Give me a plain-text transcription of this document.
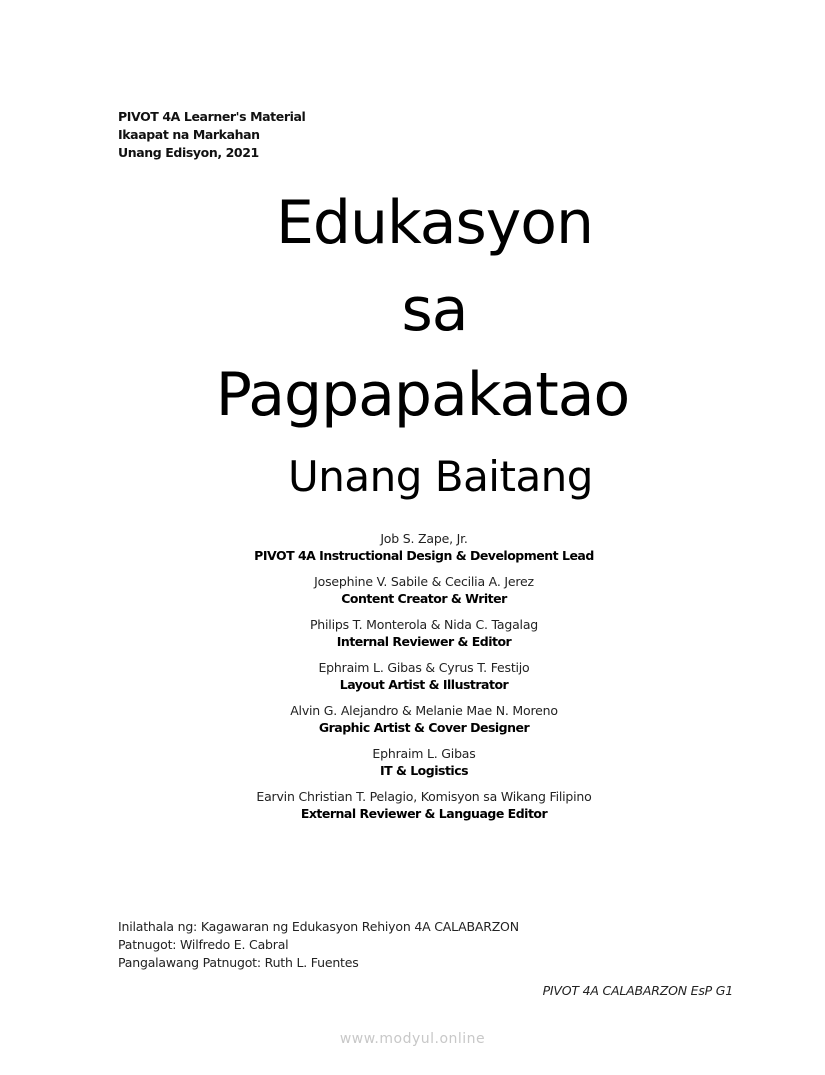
PIVOT 4A Learner's Material
Ikaapat na Markahan
Unang Edisyon, 2021
Edukasyon
sa
Pagpapakatao
Unang Baitang
Job S. Zape, Jr.
PIVOT 4A Instructional Design & Development Lead
Josephine V. Sabile & Cecilia A. Jerez
Content Creator & Writer
Philips T. Monterola & Nida C. Tagalag
Internal Reviewer & Editor
Ephraim L. Gibas & Cyrus T. Festijo
Layout Artist & Illustrator
Alvin G. Alejandro & Melanie Mae N. Moreno
Graphic Artist & Cover Designer
Ephraim L. Gibas
IT & Logistics
Earvin Christian T. Pelagio, Komisyon sa Wikang Filipino
External Reviewer & Language Editor
Inilathala ng: Kagawaran ng Edukasyon Rehiyon 4A CALABARZON
Patnugot: Wilfredo E. Cabral
Pangalawang Patnugot: Ruth L. Fuentes
PIVOT 4A CALABARZON EsP G1
www.modyul.online
